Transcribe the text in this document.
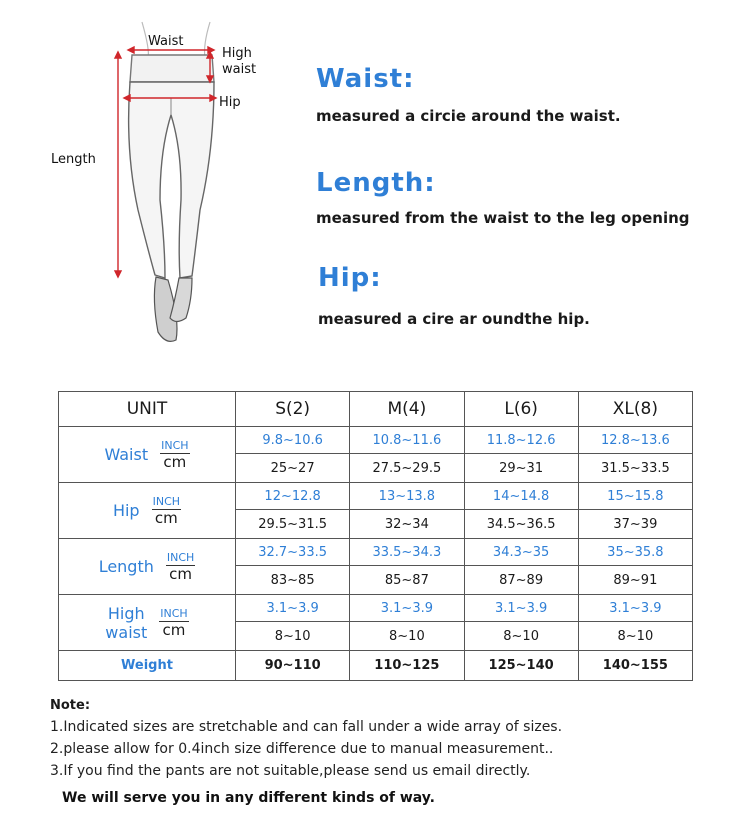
Waist
High
waist
Hip
Length
Waist:
measured a circie around the waist.
Length:
measured from the waist to the leg opening
Hip:
measured a cire ar oundthe hip.
UNIT	S(2)	M(4)	L(6)	XL(8)

Waist INCH
cm	9.8~10.6	10.8~11.6	11.8~12.6	12.8~13.6
	25~27	27.5~29.5	29~31	31.5~33.5

Hip INCH
cm	12~12.8	13~13.8	14~14.8	15~15.8
	29.5~31.5	32~34	34.5~36.5	37~39

Length INCH
cm	32.7~33.5	33.5~34.3	34.3~35	35~35.8
	83~85	85~87	87~89	89~91

High
waist
INCH
cm	3.1~3.9	3.1~3.9	3.1~3.9	3.1~3.9
	8~10	8~10	8~10	8~10
Weight	90~110	110~125	125~140	140~155
Note:
1.Indicated sizes are stretchable and can fall under a wide array of sizes.
2.please allow for 0.4inch size difference due to manual measurement..
3.If you find the pants are not suitable,please send us email directly.
We will serve you in any different kinds of way.
